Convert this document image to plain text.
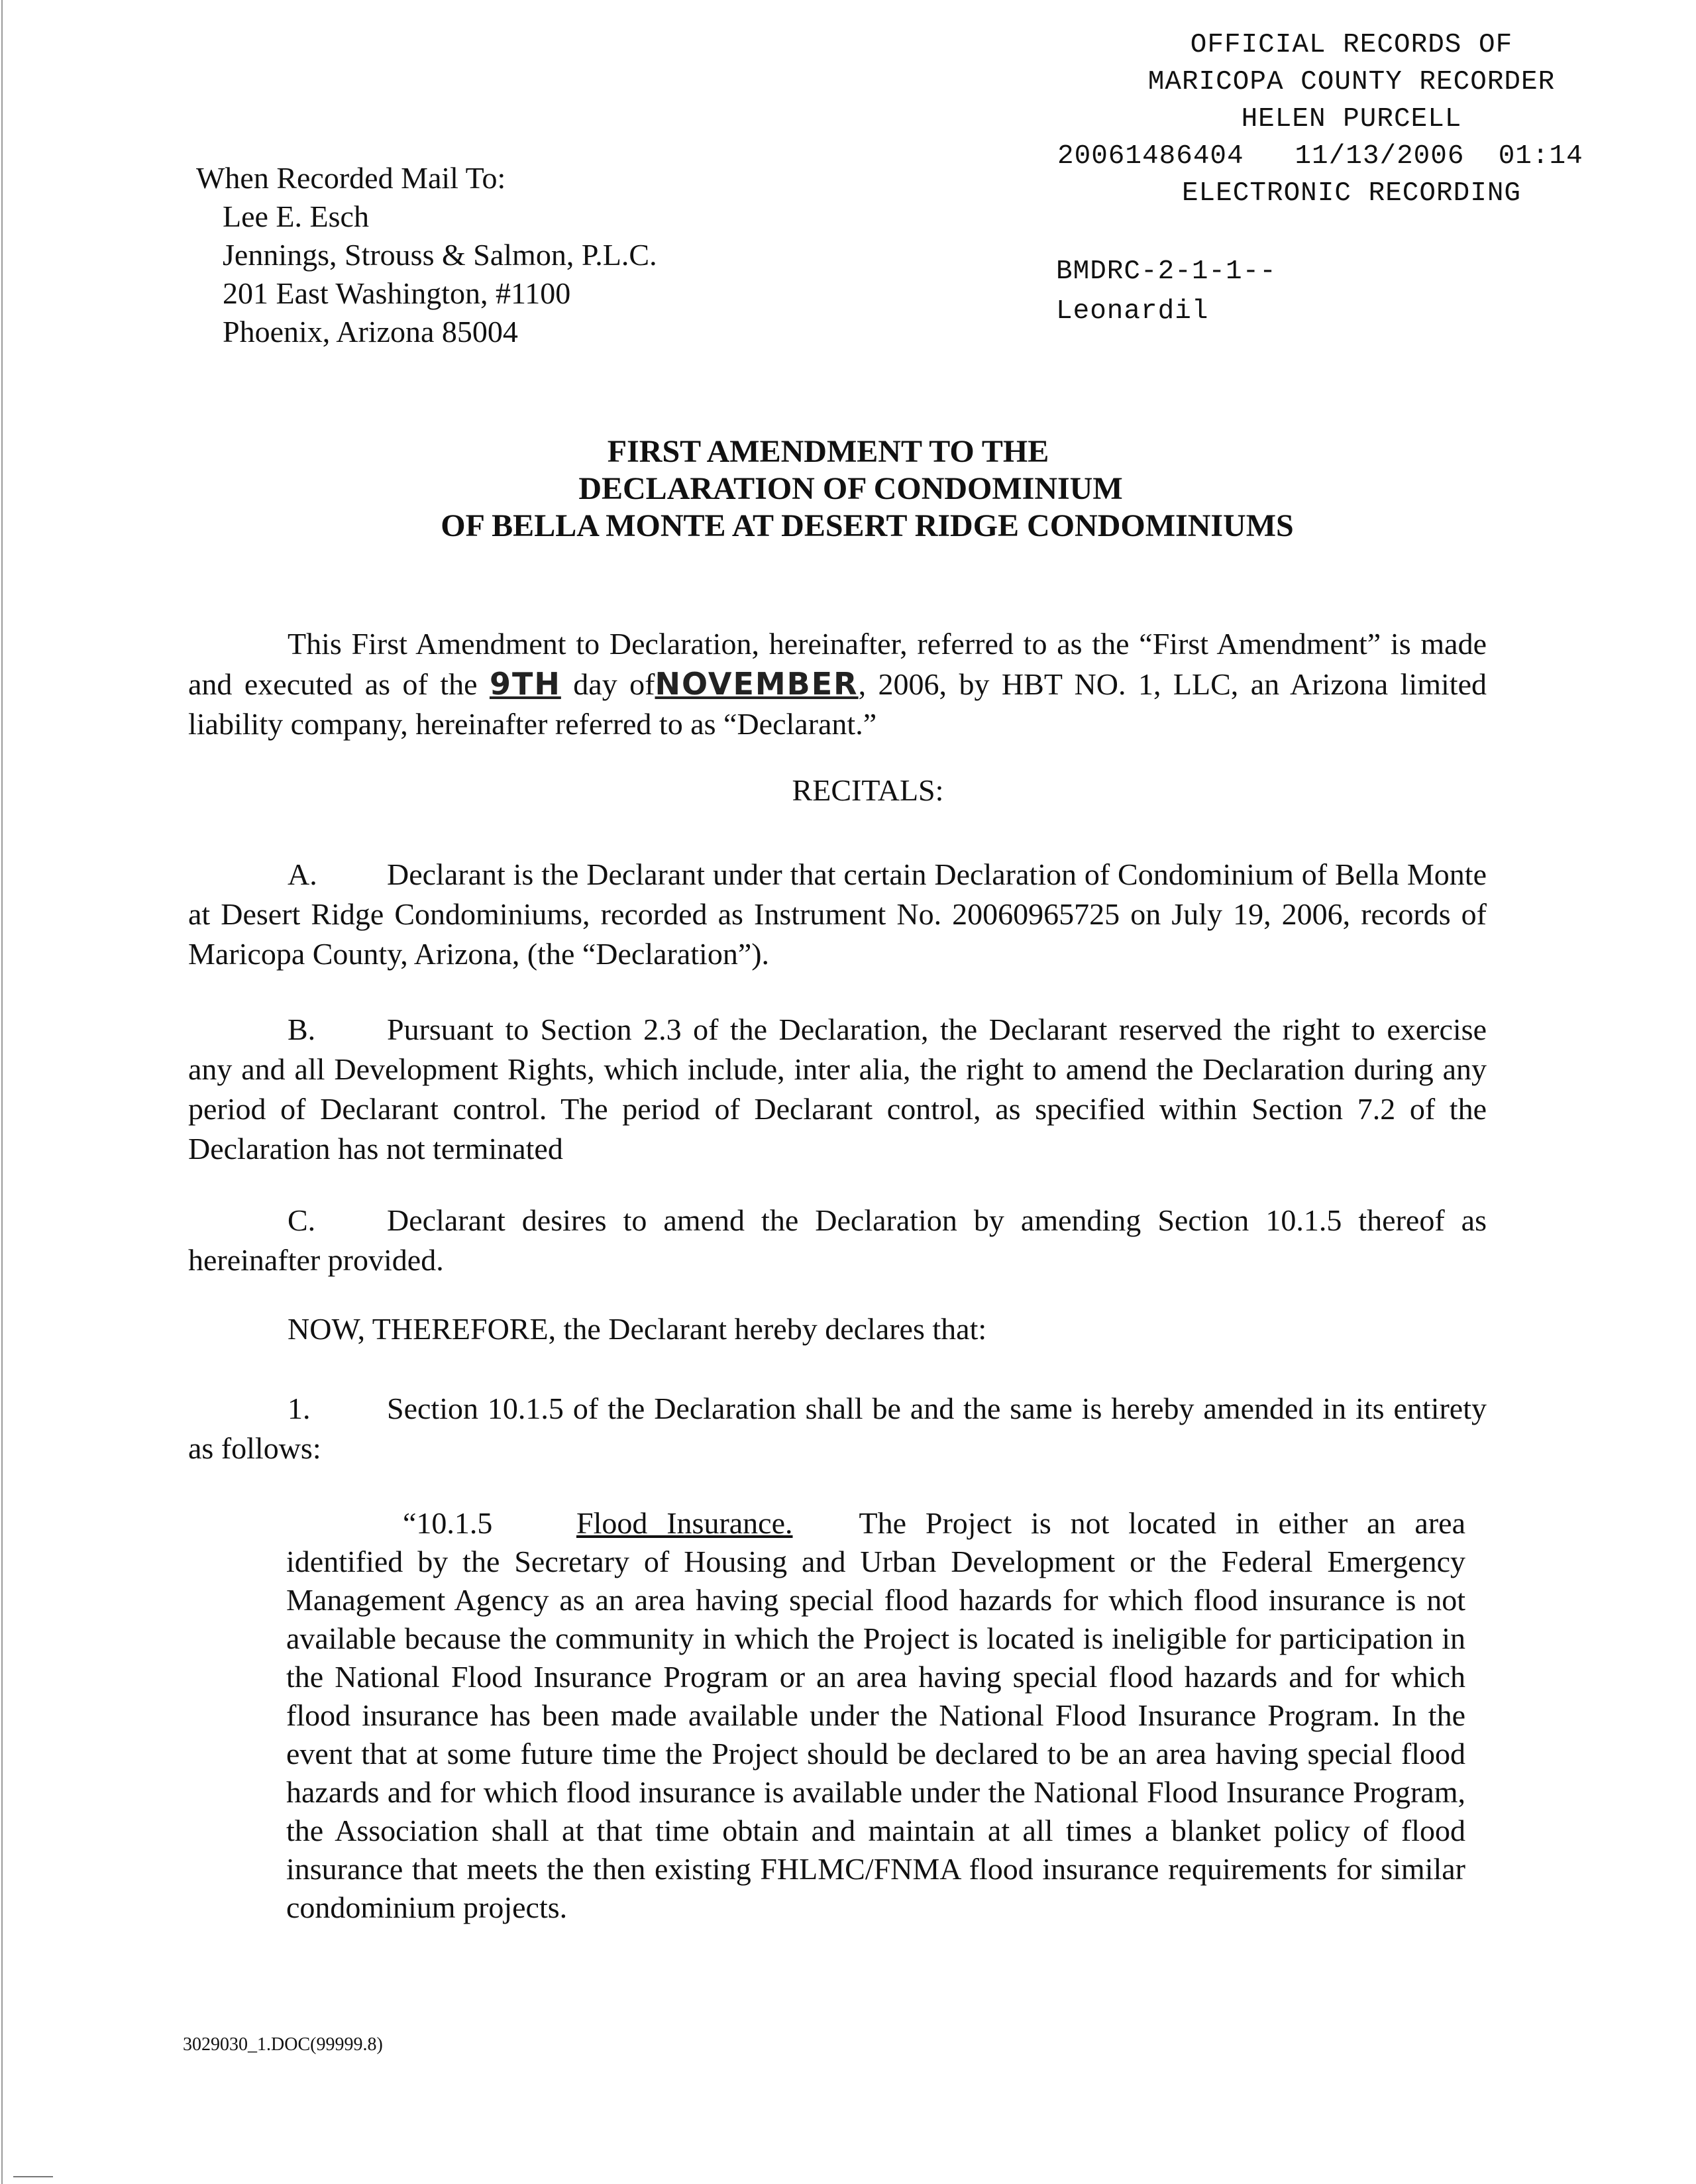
OFFICIAL RECORDS OF
MARICOPA COUNTY RECORDER
HELEN PURCELL
20061486404   11/13/2006  01:14
ELECTRONIC RECORDING
BMDRC-2-1-1--
Leonardil
When Recorded Mail To:
Lee E. Esch
Jennings, Strouss & Salmon, P.L.C.
201 East Washington, #1100
Phoenix, Arizona 85004
FIRST AMENDMENT TO THE
DECLARATION OF CONDOMINIUM
OF BELLA MONTE AT DESERT RIDGE CONDOMINIUMS
This First Amendment to Declaration, hereinafter, referred to as the “First Amendment” is made and executed as of the 9TH day ofNOVEMBER, 2006, by HBT NO. 1, LLC, an Arizona limited liability company, hereinafter referred to as “Declarant.”
RECITALS:
A. Declarant is the Declarant under that certain Declaration of Condominium of Bella Monte at Desert Ridge Condominiums, recorded as Instrument No. 20060965725 on July 19, 2006, records of Maricopa County, Arizona, (the “Declaration”).
B. Pursuant to Section 2.3 of the Declaration, the Declarant reserved the right to exercise any and all Development Rights, which include, inter alia, the right to amend the Declaration during any period of Declarant control. The period of Declarant control, as specified within Section 7.2 of the Declaration has not terminated
C. Declarant desires to amend the Declaration by amending Section 10.1.5 thereof as hereinafter provided.
NOW, THEREFORE, the Declarant hereby declares that:
1.	Section 10.1.5 of the Declaration shall be and the same is hereby amended in its entirety as follows:
“10.1.5	Flood Insurance. The Project is not located in either an area identified by the Secretary of Housing and Urban Development or the Federal Emergency Management Agency as an area having special flood hazards for which flood insurance is not available because the community in which the Project is located is ineligible for participation in the National Flood Insurance Program or an area having special flood hazards and for which flood insurance has been made available under the National Flood Insurance Program. In the event that at some future time the Project should be declared to be an area having special flood hazards and for which flood insurance is available under the National Flood Insurance Program, the Association shall at that time obtain and maintain at all times a blanket policy of flood insurance that meets the then existing FHLMC/FNMA flood insurance requirements for similar condominium projects.
3029030_1.DOC(99999.8)
